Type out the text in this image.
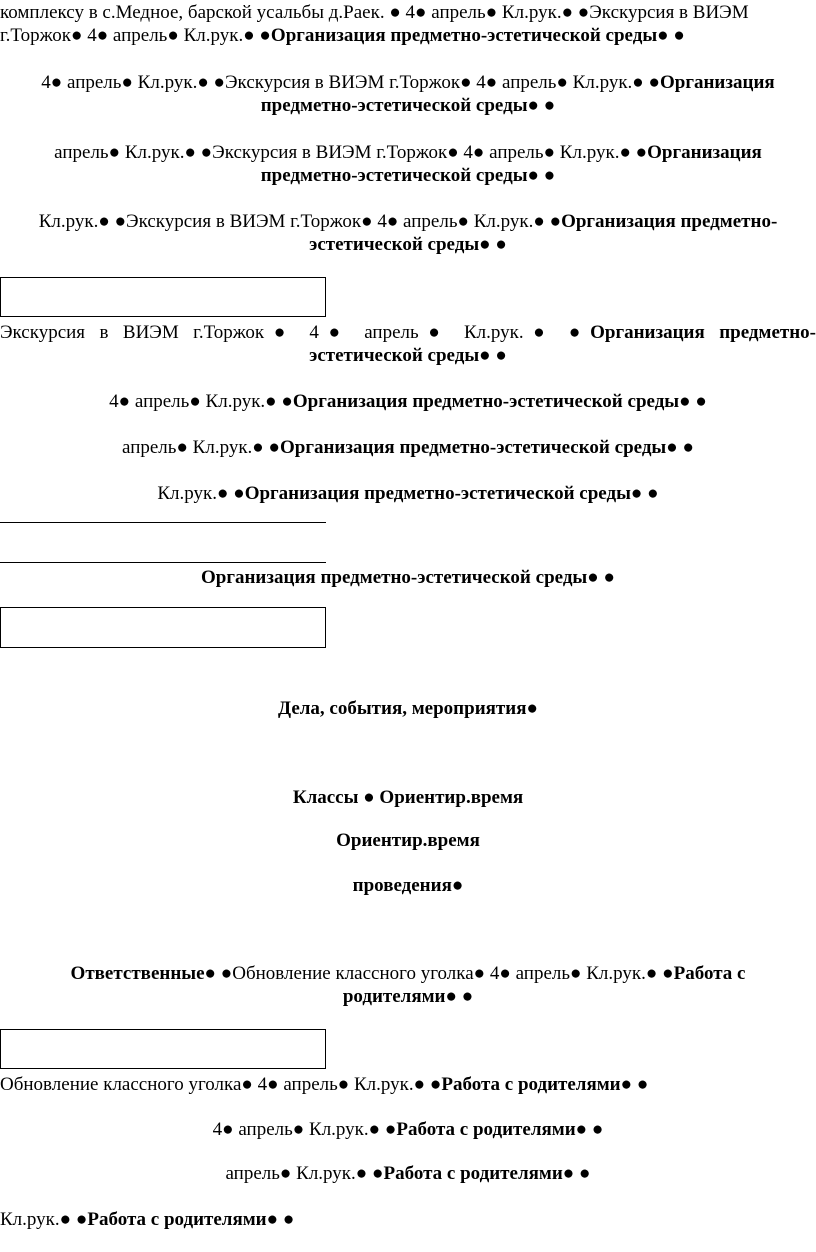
комплексу в с.Медное, барской усальбы д.Раек. ● 4● апрель● Кл.рук.● ●Экскурсия в ВИЭМ
г.Торжок● 4● апрель● Кл.рук.● ●Организация предметно-эстетической среды● ●
4● апрель● Кл.рук.● ●Экскурсия в ВИЭМ г.Торжок● 4● апрель● Кл.рук.● ●Организация
предметно-эстетической среды● ●
апрель● Кл.рук.● ●Экскурсия в ВИЭМ г.Торжок● 4● апрель● Кл.рук.● ●Организация
предметно-эстетической среды● ●
Кл.рук.● ●Экскурсия в ВИЭМ г.Торжок● 4● апрель● Кл.рук.● ●Организация предметно-
эстетической среды● ●
Экскурсия в ВИЭМ г.Торжок● 4● апрель● Кл.рук.● ●Организация предметно-
эстетической среды● ●
4● апрель● Кл.рук.● ●Организация предметно-эстетической среды● ●
апрель● Кл.рук.● ●Организация предметно-эстетической среды● ●
Кл.рук.● ●Организация предметно-эстетической среды● ●
Организация предметно-эстетической среды● ●
Дела, события, мероприятия●
Классы ● Ориентир.время
Ориентир.время
проведения●
Ответственные● ●Обновление классного уголка● 4● апрель● Кл.рук.● ●Работа с
родителями● ●
Обновление классного уголка● 4● апрель● Кл.рук.● ●Работа с родителями● ●
4● апрель● Кл.рук.● ●Работа с родителями● ●
апрель● Кл.рук.● ●Работа с родителями● ●
Кл.рук.● ●Работа с родителями● ●
